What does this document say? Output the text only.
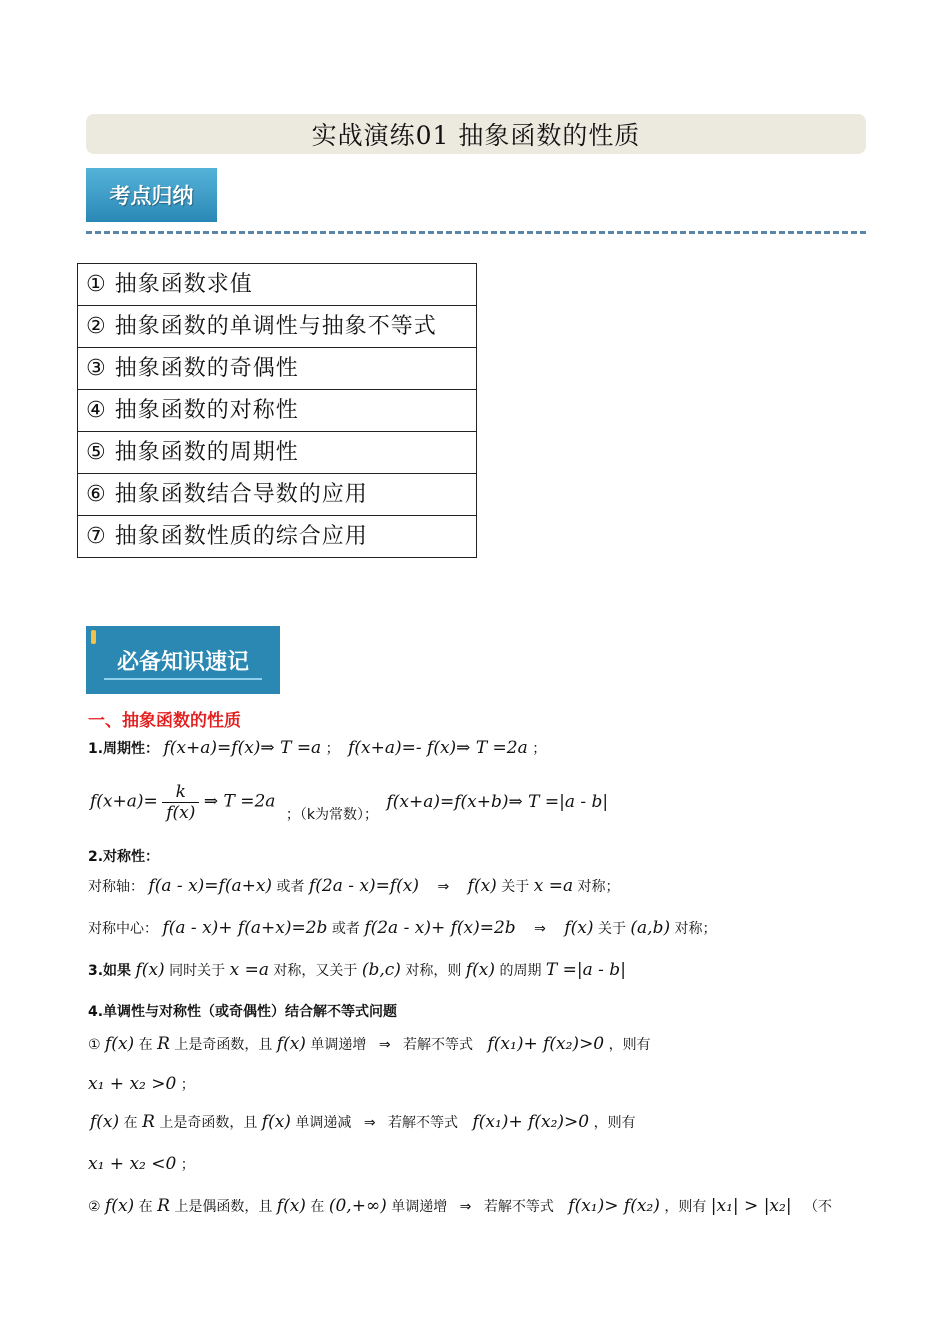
实战演练01 抽象函数的性质
考点归纳
① 抽象函数求值
② 抽象函数的单调性与抽象不等式
③ 抽象函数的奇偶性
④ 抽象函数的对称性
⑤ 抽象函数的周期性
⑥ 抽象函数结合导数的应用
⑦ 抽象函数性质的综合应用
必备知识速记
一、抽象函数的性质
1.周期性： f(x+a)=f(x)⇒ T =a ； f(x+a)=- f(x)⇒ T =2a ；
$f(x+a)= \frac{k}{f(x)}$ ⇒ T =2a ；（k为常数）； f(x+a)=f(x+b)⇒ T =|a - b|
2.对称性：
对称轴： f(a - x)=f(a+x) 或者 f(2a - x)=f(x) ⇒ f(x) 关于 x =a 对称；
对称中心： f(a - x)+ f(a+x)=2b 或者 f(2a - x)+ f(x)=2b ⇒ f(x) 关于 (a,b) 对称；
3.如果 f(x) 同时关于 x =a 对称，又关于 (b,c) 对称，则 f(x) 的周期 T =|a - b|
4.单调性与对称性（或奇偶性）结合解不等式问题
① f(x) 在 R 上是奇函数，且 f(x) 单调递增 ⇒ 若解不等式 f(x₁)+ f(x₂)>0 ，则有
x₁ + x₂ >0 ；
f(x) 在 R 上是奇函数，且 f(x) 单调递减 ⇒ 若解不等式 f(x₁)+ f(x₂)>0 ，则有
x₁ + x₂ <0 ；
② f(x) 在 R 上是偶函数，且 f(x) 在 (0,+∞) 单调递增 ⇒ 若解不等式 f(x₁)> f(x₂) ，则有 |x₁| > |x₂| （不
